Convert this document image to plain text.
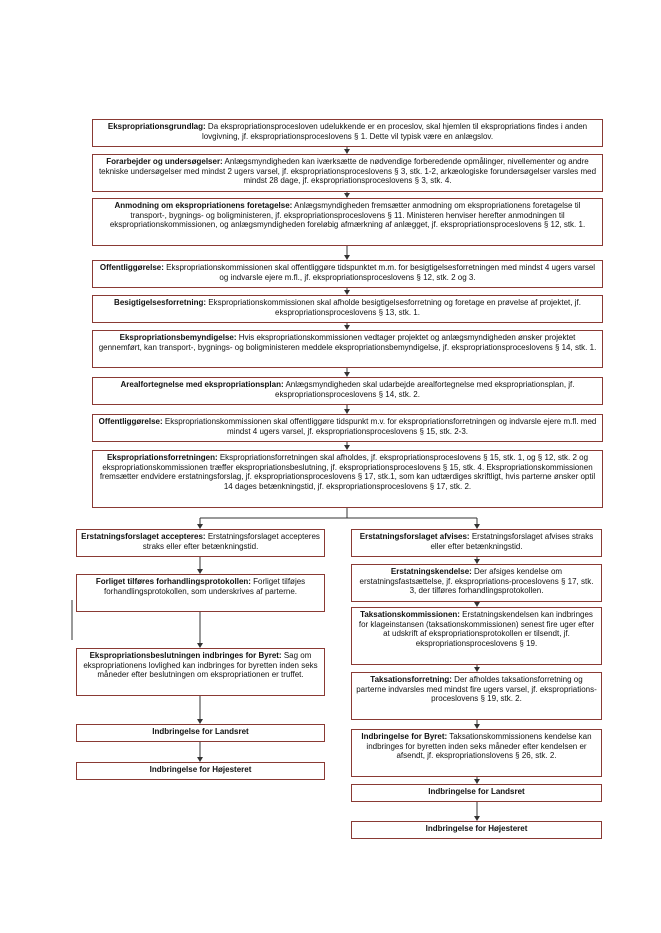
Ekspropriationsgrundlag: Da ekspropriationsprocesloven udelukkende er en proceslov, skal hjemlen til ekspropriations findes i anden lovgivning, jf. ekspropriationsproceslovens § 1. Dette vil typisk være en anlægslov.
Forarbejder og undersøgelser: Anlægsmyndigheden kan iværksætte de nødvendige forberedende opmålinger, nivellementer og andre tekniske undersøgelser med mindst 2 ugers varsel, jf. ekspropriationsproceslovens § 3, stk. 1-2, arkæologiske forundersøgelser varsles med mindst 28 dage, jf. ekspropriationsproceslovens § 3, stk. 4.
Anmodning om ekspropriationens foretagelse: Anlægsmyndigheden fremsætter anmodning om ekspropriationens foretagelse til transport-, bygnings- og boligministeren, jf. ekspropriationsproceslovens § 11. Ministeren henviser herefter anmodningen til ekspropriationskommissionen, og anlægsmyndigheden foreløbig afmærkning af anlægget, jf. ekspropriationsproceslovens § 12, stk. 1.
Offentliggørelse: Ekspropriationskommissionen skal offentliggøre tidspunktet m.m. for besigtigelsesforretningen med mindst 4 ugers varsel og indvarsle ejere m.fl., jf. ekspropriationsproceslovens § 12, stk. 2 og 3.
Besigtigelsesforretning: Ekspropriationskommissionen skal afholde besigtigelsesforretning og foretage en prøvelse af projektet, jf. ekspropriationsproceslovens § 13, stk. 1.
Ekspropriationsbemyndigelse: Hvis ekspropriationskommissionen vedtager projektet og anlægsmyndigheden ønsker projektet gennemført, kan transport-, bygnings- og boligministeren meddele ekspropriationsbemyndigelse, jf. ekspropriationsproceslovens § 14, stk. 1.
Arealfortegnelse med ekspropriationsplan: Anlægsmyndigheden skal udarbejde arealfortegnelse med ekspropriationsplan, jf. ekspropriationsproceslovens § 14, stk. 2.
Offentliggørelse: Ekspropriationskommissionen skal offentliggøre tidspunkt m.v. for ekspropriationsforretningen og indvarsle ejere m.fl. med mindst 4 ugers varsel, jf. ekspropriationsproceslovens § 15, stk. 2-3.
Ekspropriationsforretningen: Ekspropriationsforretningen skal afholdes, jf. ekspropriationsproceslovens § 15, stk. 1, og § 12, stk. 2 og ekspropriationskommissionen træffer ekspropriationsbeslutning, jf. ekspropriationsproceslovens § 15, stk. 4. Ekspropriationskommissionen fremsætter endvidere erstatningsforslag, jf. ekspropriationsproceslovens § 17, stk.1, som kan udtærdiges skriftligt, hvis parterne ønsker optil 14 dages betænkningstid, jf. ekspropriationsproceslovens § 17, stk. 2.
Erstatningsforslaget accepteres: Erstatningsforslaget accepteres straks eller efter betænkningstid.
Forliget tilføres forhandlingsprotokollen: Forliget tilføjes forhandlingsprotokollen, som underskrives af parterne.
Ekspropriationsbeslutningen indbringes for Byret: Sag om ekspropriationens lovlighed kan indbringes for byretten inden seks måneder efter beslutningen om ekspropriationen er truffet.
Indbringelse for Landsret
Indbringelse for Højesteret
Erstatningsforslaget afvises: Erstatningsforslaget afvises straks eller efter betænkningstid.
Erstatningskendelse: Der afsiges kendelse om erstatningsfastsættelse, jf. ekspropriations-proceslovens § 17, stk. 3, der tilføres forhandlingsprotokollen.
Taksationskommissionen: Erstatningskendelsen kan indbringes for klageinstansen (taksationskommissionen) senest fire uger efter at udskrift af ekspropriationsprotokollen er tilsendt, jf. ekspropriationsproceslovens § 19.
Taksationsforretning: Der afholdes taksationsforretning og parterne indvarsles med mindst fire ugers varsel, jf. ekspropriations-proceslovens § 19, stk. 2.
Indbringelse for Byret: Taksationskommissionens kendelse kan indbringes for byretten inden seks måneder efter kendelsen er afsendt, jf. ekspropriationslovens § 26, stk. 2.
Indbringelse for Landsret
Indbringelse for Højesteret
